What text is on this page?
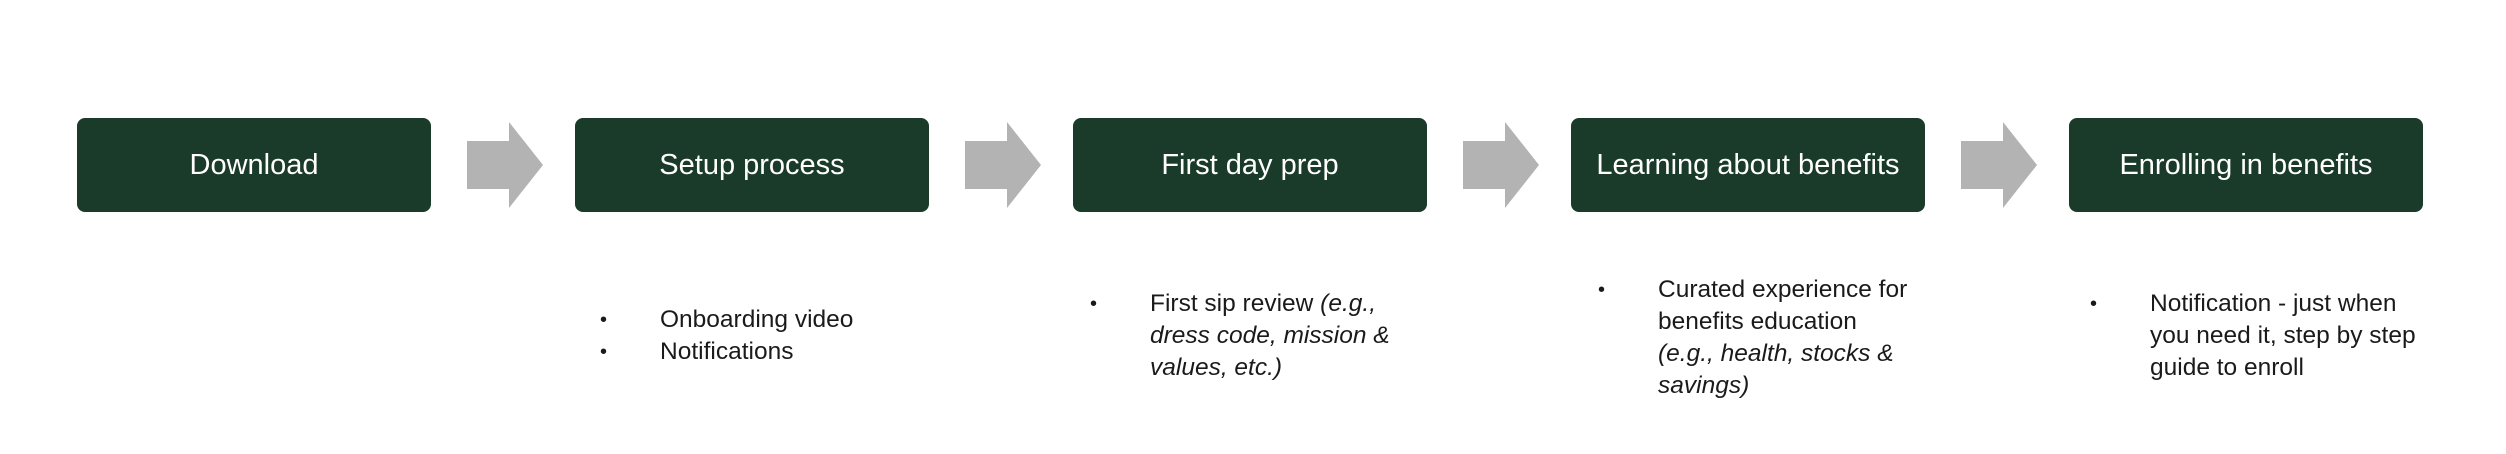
Download	Setup process	First day prep	Learning about benefits	Enrolling in benefits
• Onboarding video
• Notifications
• First sip review (e.g., dress code, mission & values, etc.)
• Curated experience for benefits education
(e.g., health, stocks & savings)
• Notification - just when you need it, step by step guide to enroll
